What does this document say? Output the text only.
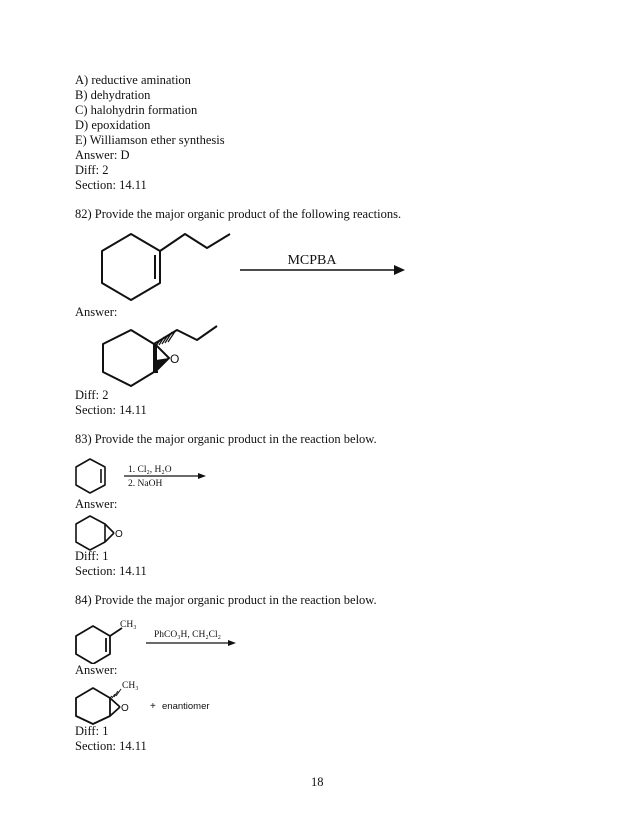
A) reductive amination
B) dehydration
C) halohydrin formation
D) epoxidation
E) Williamson ether synthesis
Answer: D
Diff: 2
Section: 14.11
82) Provide the major organic product of the following reactions.
MCPBA
Answer:
O
Diff: 2
Section: 14.11
83) Provide the major organic product in the reaction below.
1. Cl₂, H₂O
2. NaOH
Answer:
O
Diff: 1
Section: 14.11
84) Provide the major organic product in the reaction below.
CH₃
PhCO₃H, CH₂Cl₂
Answer:
CH₃
O + enantiomer
Diff: 1
Section: 14.11
18
